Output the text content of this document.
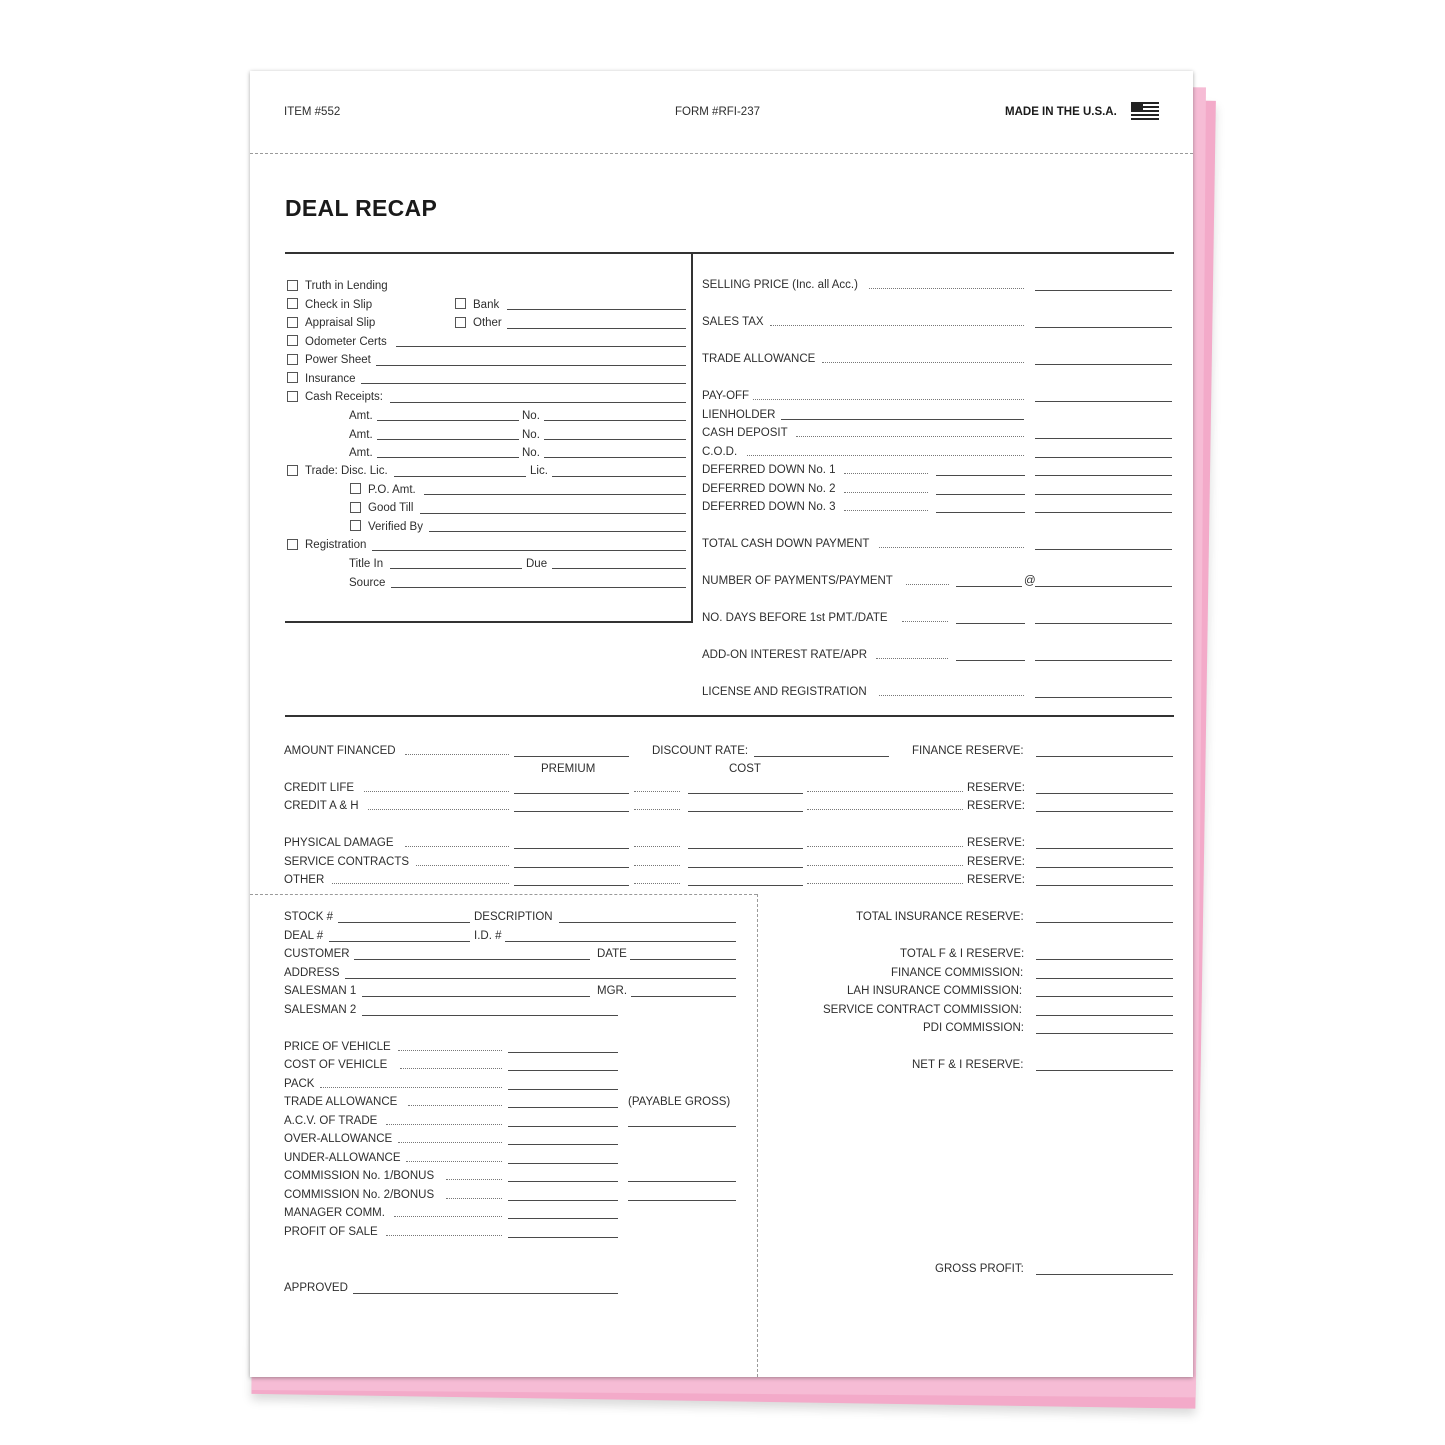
ITEM #552	FORM #RFI-237	MADE IN THE U.S.A.
DEAL RECAP
Truth in Lending
Check in Slip	Bank
Appraisal Slip	Other
Odometer Certs
Power Sheet
Insurance
Cash Receipts:
Amt.	No.
Amt.	No.
Amt.	No.
Trade: Disc. Lic.	Lic.
P.O. Amt.
Good Till
Verified By
Registration
Title In	Due
Source
SELLING PRICE (Inc. all Acc.)
SALES TAX
TRADE ALLOWANCE
PAY-OFF
LIENHOLDER
CASH DEPOSIT
C.O.D.
DEFERRED DOWN No. 1
DEFERRED DOWN No. 2
DEFERRED DOWN No. 3
TOTAL CASH DOWN PAYMENT
NUMBER OF PAYMENTS/PAYMENT	@
NO. DAYS BEFORE 1st PMT./DATE
ADD-ON INTEREST RATE/APR
LICENSE AND REGISTRATION
AMOUNT FINANCED	DISCOUNT RATE:	FINANCE RESERVE:
PREMIUM	COST
CREDIT LIFE	RESERVE:
CREDIT A & H	RESERVE:
PHYSICAL DAMAGE	RESERVE:
SERVICE CONTRACTS	RESERVE:
OTHER	RESERVE:
STOCK #	DESCRIPTION
DEAL #	I.D. #
CUSTOMER	DATE
ADDRESS
SALESMAN 1	MGR.
SALESMAN 2
PRICE OF VEHICLE
COST OF VEHICLE
PACK
TRADE ALLOWANCE	(PAYABLE GROSS)
A.C.V. OF TRADE
OVER-ALLOWANCE
UNDER-ALLOWANCE
COMMISSION No. 1/BONUS
COMMISSION No. 2/BONUS
MANAGER COMM.
PROFIT OF SALE
APPROVED
TOTAL INSURANCE RESERVE:
TOTAL F & I RESERVE:
FINANCE COMMISSION:
LAH INSURANCE COMMISSION:
SERVICE CONTRACT COMMISSION:
PDI COMMISSION:
NET F & I RESERVE:
GROSS PROFIT:
